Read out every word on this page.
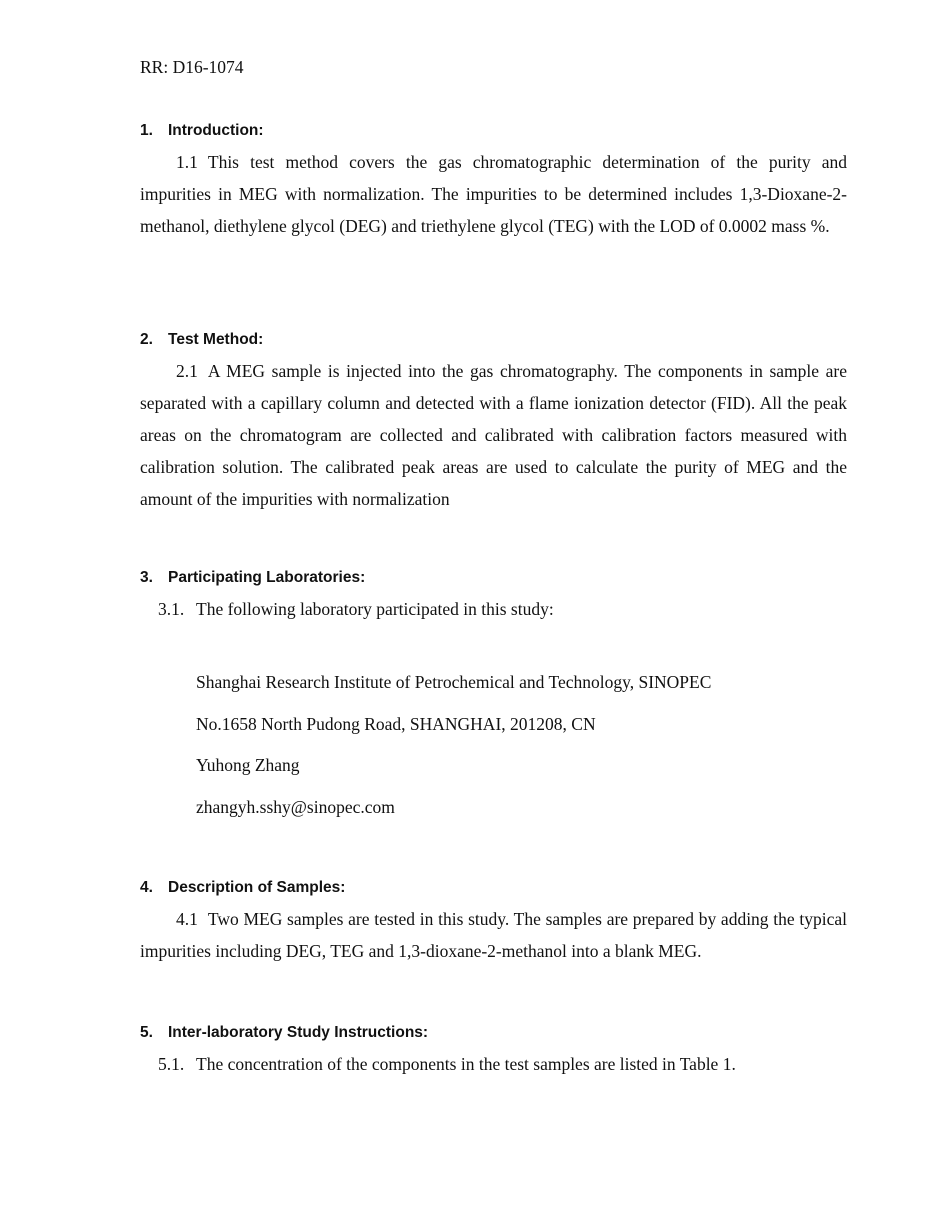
RR: D16-1074
1. Introduction:

1.1 This test method covers the gas chromatographic determination of the purity and impurities in MEG with normalization. The impurities to be determined includes 1,3-Dioxane-2-methanol, diethylene glycol (DEG) and triethylene glycol (TEG) with the LOD of 0.0002 mass %.

2. Test Method:

2.1 A MEG sample is injected into the gas chromatography. The components in sample are separated with a capillary column and detected with a flame ionization detector (FID). All the peak areas on the chromatogram are collected and calibrated with calibration factors measured with calibration solution. The calibrated peak areas are used to calculate the purity of MEG and the amount of the impurities with normalization

3. Participating Laboratories:
3.1. The following laboratory participated in this study:
Shanghai Research Institute of Petrochemical and Technology, SINOPEC
No.1658 North Pudong Road, SHANGHAI, 201208, CN
Yuhong Zhang
zhangyh.sshy@sinopec.com
4. Description of Samples:

4.1 Two MEG samples are tested in this study. The samples are prepared by adding the typical impurities including DEG, TEG and 1,3-dioxane-2-methanol into a blank MEG.

5. Inter-laboratory Study Instructions:
5.1. The concentration of the components in the test samples are listed in Table 1.
